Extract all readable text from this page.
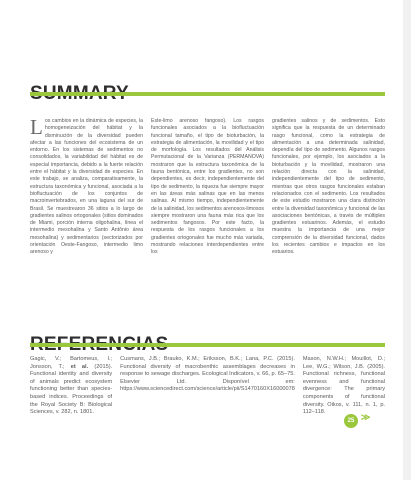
Los cambios en la dinámica de especies, la homogeneización del hábitat y la disminución de la diversidad pueden afectar a las funciones del ecosistema de un entorno. En los sistemas de sedimentos no consolidados, la variabilidad del hábitat es de especial importancia, debido a la fuerte relación entre el hábitat y la diversidad de especies. En este trabajo, se analiza, comparativamente, la estructura taxonómica y funcional, asociada a la biofluctuación de los conjuntos de macroinvertebrados, en una laguna del sur de Brasil. Se muestrearon 36 sitios a lo largo de gradientes salinos ortogonales (sitios dominados de Miami, porción interna oligohalina, línea el intermedio mesohalina y Santo Antônio área mesohalina) y sedimentarios (sectorizados por orientación Oeste-Fangoso, intermedio limo arenoso y

Este-limo arenoso fangoso). Los rasgos funcionales asociados a la biofluctuación funcional tamaño, el tipo de bioturbación, la estrategia de alimentación, la movilidad y el tipo de morfología. Los resultados del Análisis Permutacional de la Varianza (PERMANOVA) mostraron que la estructura taxonómica de la fauna bentónica, entre los gradientes, no son dependientes, es decir, independientemente del tipo de sedimento, la riqueza fue siempre mayor en las áreas más salinas que en las menos salinas. Al mismo tiempo, independientemente de la salinidad, los sedimentos arenosos-limosos siempre mostraron una fauna más rica que los sedimentos fangosos. Por este facto, la respuesta de los rasgos funcionales a los gradientes ortogonales fue mucho más variada, mostrando relaciones interdependientes entre los

gradientes salinos y de sedimentos. Esto significa que la respuesta de un determinado rasgo funcional, como la estrategia de alimentación a una determinada salinidad, dependía del tipo de sedimento. Algunos rasgos funcionales, por ejemplo, los asociados a la bioturbación y la movilidad, mostraron una relación directa con la salinidad, independientemente del tipo de sedimento, mientras que otros rasgos funcionales estaban relacionados con el sedimento. Los resultados de este estudio mostraron una clara distinción entre la diversidad taxonómica y funcional de las asociaciones bentónicas, a través de múltiples gradientes estuarinos. Además, el estudio muestra la importancia de una mejor comprensión de la diversidad funcional, dados los recientes cambios e impactos en los estuarios.

Gagic, V.; Bartomeus, I.; Jonsson, T.; et al. (2015). Functional identity and diversity of animals predict ecosystem functioning better than species-based indices. Proceedings of the Royal Society B: Biological Sciences, v. 282, n. 1801.

Cusmans, J.B.; Brauko, K.M.; Eriksson, B.K.; Lana, P.C. (2015). Functional diversity of macrobenthic assemblages decreases in response to sewage discharges. Ecological Indicators, v. 66, p. 65–75. Elsevier Ltd. Disponível em: https://www.sciencedirect.com/science/article/pii/S1470160X16000078

Mason, N.W.H.; Mouillot, D.; Lee, W.G.; Wilson, J.B. (2005). Functional richness, functional evenness and functional divergence: The primary components of functional diversity. Oikos, v. 111, n. 1, p. 112–118.

25 ≫
